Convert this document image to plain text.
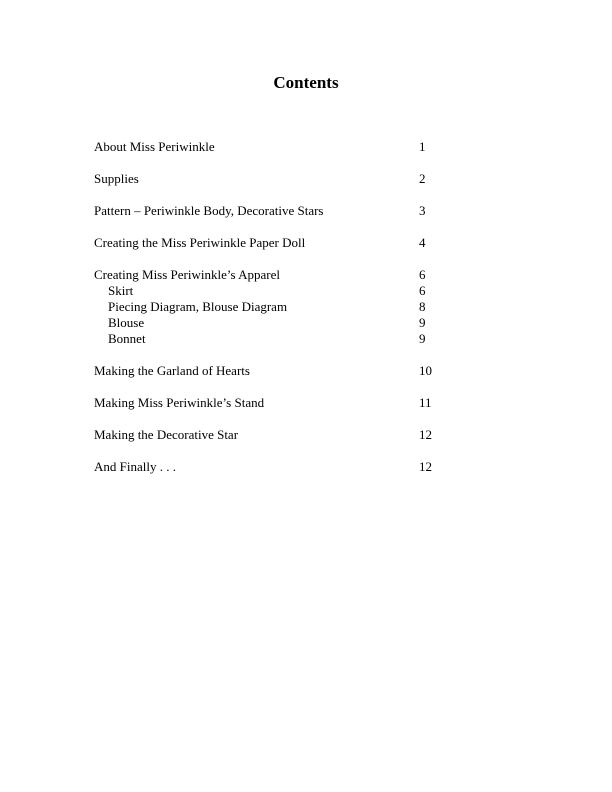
Contents
About Miss Periwinkle	1
Supplies	2
Pattern – Periwinkle Body, Decorative Stars	3
Creating the Miss Periwinkle Paper Doll	4
Creating Miss Periwinkle’s Apparel	6
Skirt	6
Piecing Diagram, Blouse Diagram	8
Blouse	9
Bonnet	9
Making the Garland of Hearts	10
Making Miss Periwinkle’s Stand	11
Making the Decorative Star	12
And Finally . . .	12
